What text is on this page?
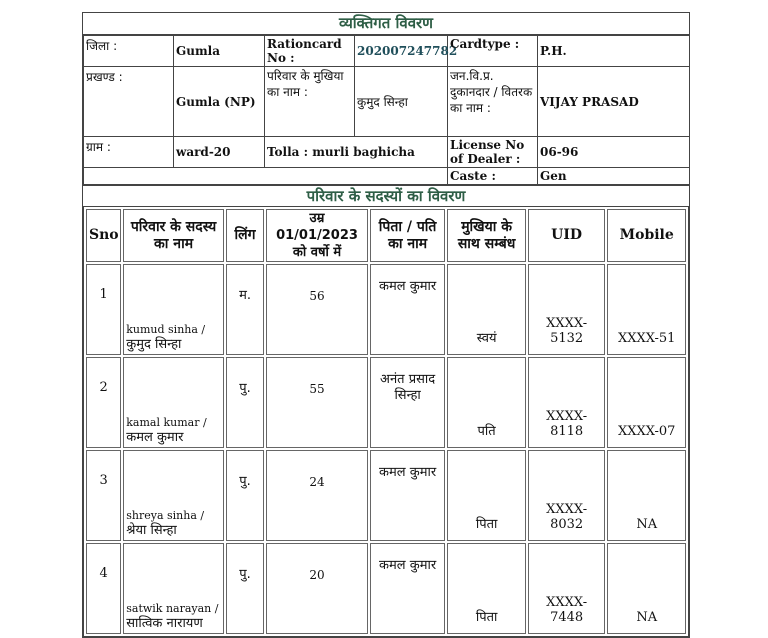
व्यक्तिगत विवरण
जिला :	Gumla	Rationcard No :	202007247782	Cardtype :	P.H.
प्रखण्ड :	Gumla (NP)	परिवार के मुखिया का नाम :	कुमुद सिन्हा	जन.वि.प्र. दुकानदार / वितरक का नाम :	VIJAY PRASAD
ग्राम :	ward-20	Tolla : murli baghicha		License No of Dealer :	06-96
				Caste :	Gen
परिवार के सदस्यों का विवरण
Sno	परिवार के सदस्य का नाम	लिंग	उम्र 01/01/2023 को वर्षो में	पिता / पति का नाम	मुखिया के साथ सम्बंध	UID	Mobile
1	kumud sinha /
कुमुद सिन्हा	म.	56	कमल कुमार	स्वयं	XXXX-5132	XXXX-51
2	kamal kumar /
कमल कुमार	पु.	55	अनंत प्रसाद सिन्हा	पति	XXXX-8118	XXXX-07
3	shreya sinha /
श्रेया सिन्हा	पु.	24	कमल कुमार	पिता	XXXX-8032	NA
4	satwik narayan /
सात्विक नारायण	पु.	20	कमल कुमार	पिता	XXXX-7448	NA
